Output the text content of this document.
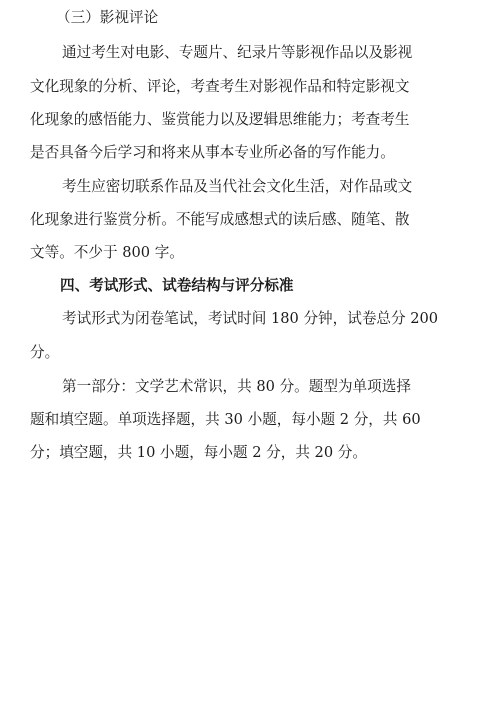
（三）影视评论
通过考生对电影、专题片、纪录片等影视作品以及影视
文化现象的分析、评论，考查考生对影视作品和特定影视文
化现象的感悟能力、鉴赏能力以及逻辑思维能力；考查考生
是否具备今后学习和将来从事本专业所必备的写作能力。
考生应密切联系作品及当代社会文化生活，对作品或文
化现象进行鉴赏分析。不能写成感想式的读后感、随笔、散
文等。不少于 800 字。
四、考试形式、试卷结构与评分标准
考试形式为闭卷笔试，考试时间 180 分钟，试卷总分 200
分。
第一部分：文学艺术常识，共 80 分。题型为单项选择
题和填空题。单项选择题，共 30 小题，每小题 2 分，共 60
分；填空题，共 10 小题，每小题 2 分，共 20 分。
